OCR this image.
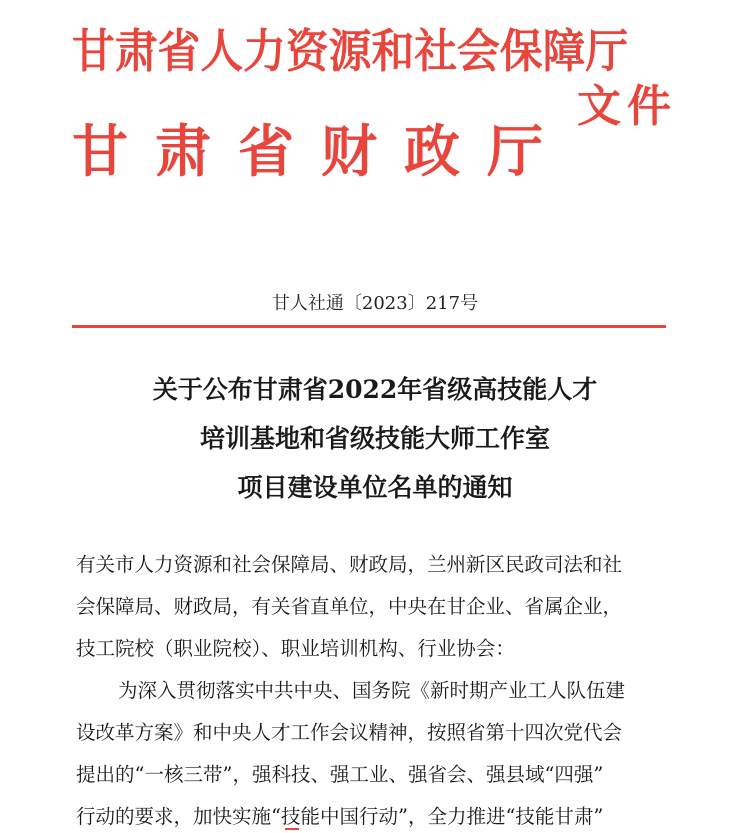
甘肃省人力资源和社会保障厅
文件
甘肃省财政厅
甘人社通〔2023〕217号
关于公布甘肃省2022年省级高技能人才
培训基地和省级技能大师工作室
项目建设单位名单的通知
有关市人力资源和社会保障局、财政局，兰州新区民政司法和社
会保障局、财政局，有关省直单位，中央在甘企业、省属企业，
技工院校（职业院校）、职业培训机构、行业协会：
为深入贯彻落实中共中央、国务院《新时期产业工人队伍建
设改革方案》和中央人才工作会议精神，按照省第十四次党代会
提出的“一核三带”，强科技、强工业、强省会、强县域“四强”
行动的要求，加快实施“技能中国行动”，全力推进“技能甘肃”
